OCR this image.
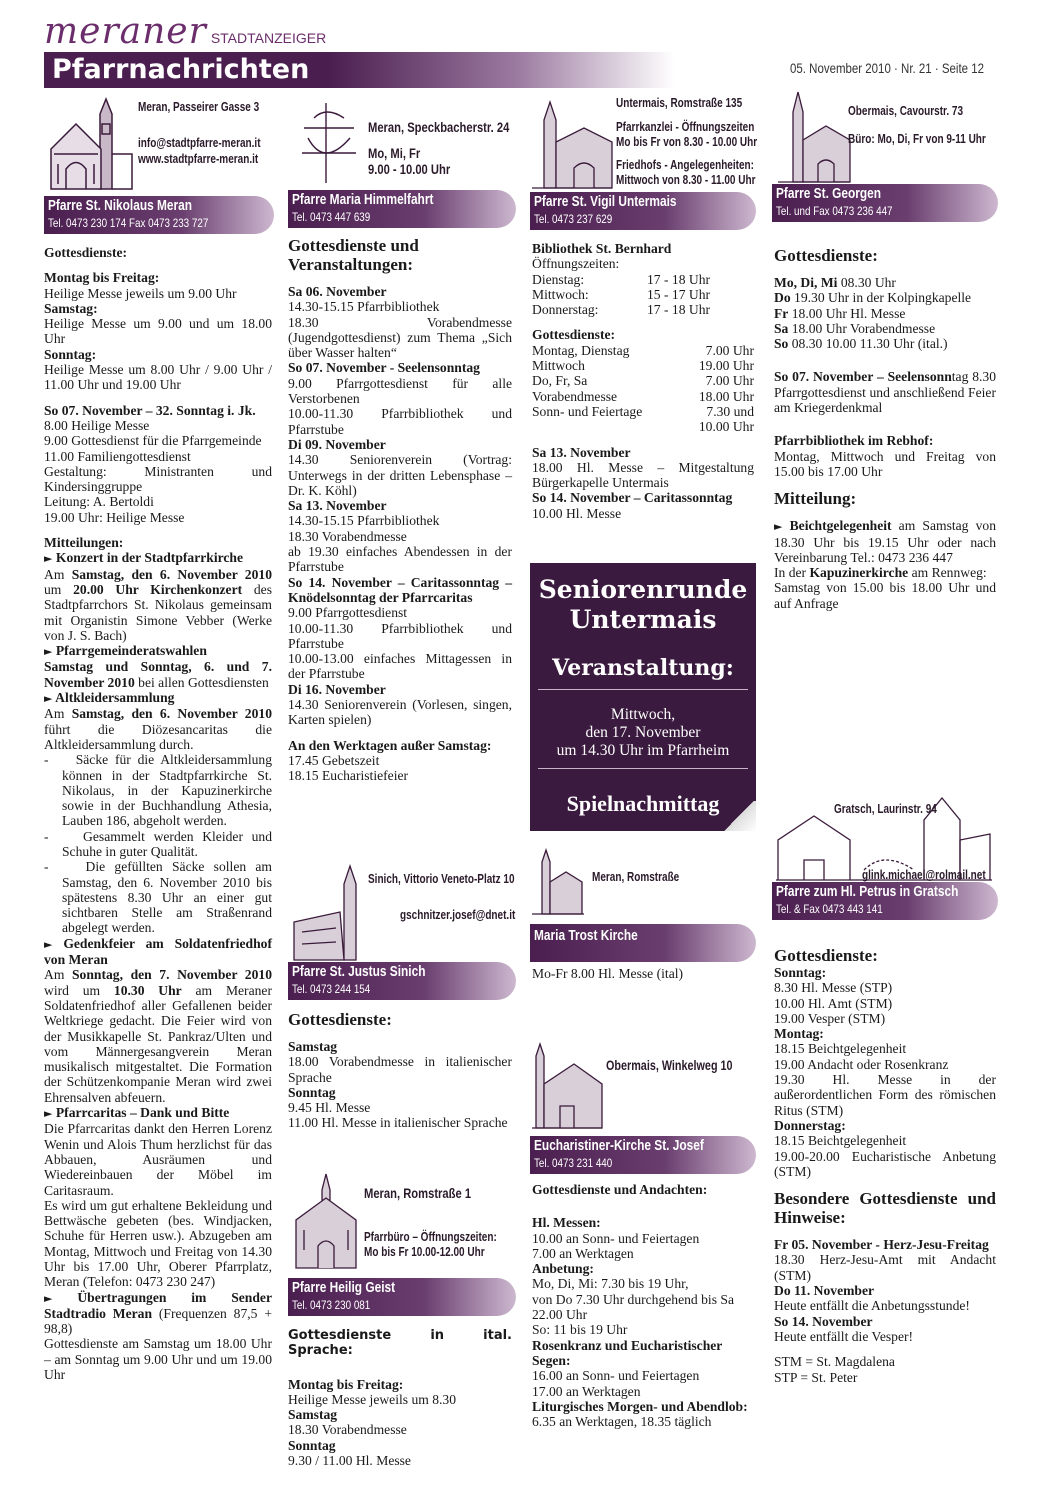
meraner STADTANZEIGER
Pfarrnachrichten	05. November 2010 · Nr. 21 · Seite 12
Meran, Passeirer Gasse 3
info@stadtpfarre-meran.it
www.stadtpfarre-meran.it
Pfarre St. Nikolaus Meran
Tel. 0473 230 174 Fax 0473 233 727

Gottesdienste:

Montag bis Freitag:

Heilige Messe jeweils um 9.00 Uhr

Samstag:

Heilige Messe um 9.00 und um 18.00 Uhr

Sonntag:

Heilige Messe um 8.00 Uhr / 9.00 Uhr / 11.00 Uhr und 19.00 Uhr

So 07. November – 32. Sonntag i. Jk.

8.00 Heilige Messe

9.00 Gottesdienst für die Pfarrgemeinde

11.00 Familiengottesdienst

Gestaltung: Ministranten und Kindersinggruppe

Leitung: A. Bertoldi

19.00 Uhr: Heilige Messe

Mitteilungen:

► Konzert in der Stadtpfarrkirche

Am Samstag, den 6. November 2010 um 20.00 Uhr Kirchenkonzert des Stadtpfarrchors St. Nikolaus gemeinsam mit Organistin Simone Vebber (Werke von J. S. Bach)

► Pfarrgemeinderatswahlen

Samstag und Sonntag, 6. und 7. November 2010 bei allen Gottesdiensten

► Altkleidersammlung

Am Samstag, den 6. November 2010 führt die Diözesancaritas die Altkleidersammlung durch.

-    Säcke für die Altkleidersammlung können in der Stadtpfarrkirche St. Nikolaus, in der Kapuzinerkirche sowie in der Buchhandlung Athesia, Lauben 186, abgeholt werden.

-    Gesammelt werden Kleider und Schuhe in guter Qualität.

-    Die gefüllten Säcke sollen am Samstag, den 6. November 2010 bis spätestens 8.30 Uhr an einer gut sichtbaren Stelle am Straßenrand abgelegt werden.

► Gedenkfeier am Soldatenfriedhof von Meran

Am Sonntag, den 7. November 2010 wird um 10.30 Uhr am Meraner Soldatenfriedhof aller Gefallenen beider Weltkriege gedacht. Die Feier wird von der Musikkapelle St. Pankraz/Ulten und vom Männergesangverein Meran musikalisch mitgestaltet. Die Formation der Schützenkompanie Meran wird zwei Ehrensalven abfeuern.

► Pfarrcaritas – Dank und Bitte

Die Pfarrcaritas dankt den Herren Lorenz Wenin und Alois Thum herzlichst für das Abbauen, Ausräumen und Wiedereinbauen der Möbel im Caritasraum.

Es wird um gut erhaltene Bekleidung und Bettwäsche gebeten (bes. Windjacken, Schuhe für Herren usw.). Abzugeben am Montag, Mittwoch und Freitag von 14.30 Uhr bis 17.00 Uhr, Oberer Pfarrplatz, Meran (Telefon: 0473 230 247)

► Übertragungen im Sender Stadtradio Meran (Frequenzen 87,5 + 98,8)

Gottesdienste am Samstag um 18.00 Uhr – am Sonntag um 9.00 Uhr und um 19.00 Uhr

Meran, Speckbacherstr. 24
Mo, Mi, Fr
9.00 - 10.00 Uhr
Pfarre Maria Himmelfahrt
Tel. 0473 447 639

Gottesdienste und Veranstaltungen:

Sa 06. November

14.30-15.15 Pfarrbibliothek

18.30 Vorabendmesse (Jugendgottesdienst) zum Thema „Sich über Wasser halten“

So 07. November - Seelensonntag

9.00 Pfarrgottesdienst für alle Verstorbenen

10.00-11.30 Pfarrbibliothek und Pfarrstube

Di 09. November

14.30 Seniorenverein (Vortrag: Unterwegs in der dritten Lebensphase – Dr. K. Köhl)

Sa 13. November

14.30-15.15 Pfarrbibliothek

18.30 Vorabendmesse

ab 19.30 einfaches Abendessen in der Pfarrstube

So 14. November – Caritassonntag – Knödelsonntag der Pfarrcaritas

9.00 Pfarrgottesdienst

10.00-11.30 Pfarrbibliothek und Pfarrstube

10.00-13.00 einfaches Mittagessen in der Pfarrstube

Di 16. November

14.30 Seniorenverein (Vorlesen, singen, Karten spielen)

An den Werktagen außer Samstag:

17.45 Gebetszeit

18.15 Eucharistiefeier

Sinich, Vittorio Veneto-Platz 10
gschnitzer.josef@dnet.it
Pfarre St. Justus Sinich
Tel. 0473 244 154

Gottesdienste:

Samstag

18.00 Vorabendmesse in italienischer Sprache

Sonntag

9.45 Hl. Messe

11.00 Hl. Messe in italienischer Sprache

Meran, Romstraße 1
Pfarrbüro – Öffnungszeiten:
Mo bis Fr 10.00-12.00 Uhr
Pfarre Heilig Geist
Tel. 0473 230 081

Gottesdienste in ital. Sprache:

Montag bis Freitag:

Heilige Messe jeweils um 8.30

Samstag

18.30 Vorabendmesse

Sonntag

9.30 / 11.00 Hl. Messe

Untermais, Romstraße 135
Pfarrkanzlei - Öffnungszeiten
Mo bis Fr von 8.30 - 10.00 Uhr
Friedhofs - Angelegenheiten:
Mittwoch von 8.30 - 11.00 Uhr
Pfarre St. Vigil Untermais
Tel. 0473 237 629

Bibliothek St. Bernhard

Öffnungszeiten:

Dienstag:	17 - 18 Uhr
Mittwoch:	15 - 17 Uhr
Donnerstag:	17 - 18 Uhr

Gottesdienste:

Montag, Dienstag	7.00 Uhr
Mittwoch	19.00 Uhr
Do, Fr, Sa	7.00 Uhr
Vorabendmesse	18.00 Uhr
Sonn- und Feiertage	7.30 und
10.00 Uhr

Sa 13. November

18.00 Hl. Messe – Mitgestaltung Bürgerkapelle Untermais

So 14. November – Caritassonntag

10.00 Hl. Messe

Seniorenrunde
Untermais
Veranstaltung:
Mittwoch,
den 17. November
um 14.30 Uhr im Pfarrheim
Spielnachmittag
Meran, Romstraße
Maria Trost Kirche
Mo-Fr 8.00 Hl. Messe (ital)
Obermais, Winkelweg 10
Eucharistiner-Kirche St. Josef
Tel. 0473 231 440

Gottesdienste und Andachten:

Hl. Messen:

10.00 an Sonn- und Feiertagen

7.00 an Werktagen

Anbetung:

Mo, Di, Mi: 7.30 bis 19 Uhr,

von Do 7.30 Uhr durchgehend bis Sa 22.00 Uhr

So: 11 bis 19 Uhr

Rosenkranz und Eucharistischer Segen:

16.00 an Sonn- und Feiertagen

17.00 an Werktagen

Liturgisches Morgen- und Abendlob:

6.35 an Werktagen, 18.35 täglich

Obermais, Cavourstr. 73
Büro: Mo, Di, Fr von 9-11 Uhr
Pfarre St. Georgen
Tel. und Fax 0473 236 447

Gottesdienste:

Mo, Di, Mi 08.30 Uhr

Do 19.30 Uhr in der Kolpingkapelle

Fr 18.00 Uhr Hl. Messe

Sa 18.00 Uhr Vorabendmesse

So 08.30 10.00 11.30 Uhr (ital.)

So 07. November – Seelensonntag 8.30 Pfarrgottesdienst und anschließend Feier am Kriegerdenkmal

Pfarrbibliothek im Rebhof:

Montag, Mittwoch und Freitag von 15.00 bis 17.00 Uhr

Mitteilung:

► Beichtgelegenheit am Samstag von 18.30 Uhr bis 19.15 Uhr oder nach Vereinbarung Tel.: 0473 236 447

In der Kapuzinerkirche am Rennweg:

Samstag von 15.00 bis 18.00 Uhr und auf Anfrage

Gratsch, Laurinstr. 94
glink.michael@rolmail.net
Pfarre zum Hl. Petrus in Gratsch
Tel. & Fax 0473 443 141

Gottesdienste:

Sonntag:

8.30 Hl. Messe (STP)

10.00 Hl. Amt (STM)

19.00 Vesper (STM)

Montag:

18.15 Beichtgelegenheit

19.00 Andacht oder Rosenkranz

19.30 Hl. Messe in der außerordentlichen Form des römischen Ritus (STM)

Donnerstag:

18.15 Beichtgelegenheit

19.00-20.00 Eucharistische Anbetung (STM)

Besondere Gottesdienste und Hinweise:

Fr 05. November - Herz-Jesu-Freitag

18.30 Herz-Jesu-Amt mit Andacht (STM)

Do 11. November

Heute entfällt die Anbetungsstunde!

So 14. November

Heute entfällt die Vesper!

STM = St. Magdalena

STP = St. Peter
